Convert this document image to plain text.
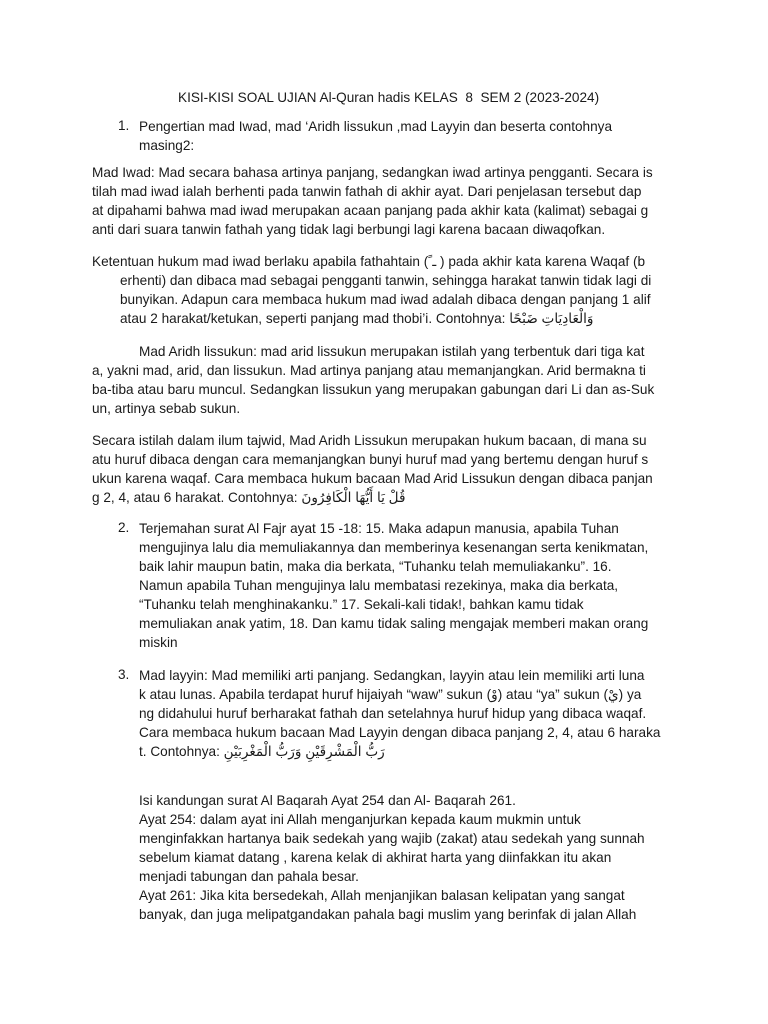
KISI-KISI SOAL UJIAN Al-Quran hadis KELAS  8  SEM 2 (2023-2024)
1. Pengertian mad Iwad, mad ‘Aridh lissukun ,mad Layyin dan beserta contohnya
masing2:
Mad Iwad: Mad secara bahasa artinya panjang, sedangkan iwad artinya pengganti. Secara is
tilah mad iwad ialah berhenti pada tanwin fathah di akhir ayat. Dari penjelasan tersebut dap
at dipahami bahwa mad iwad merupakan acaan panjang pada akhir kata (kalimat) sebagai g
anti dari suara tanwin fathah yang tidak lagi berbungi lagi karena bacaan diwaqofkan.
Ketentuan hukum mad iwad berlaku apabila fathahtain ( ًـ ) pada akhir kata karena Waqaf (b
erhenti) dan dibaca mad sebagai pengganti tanwin, sehingga harakat tanwin tidak lagi di
bunyikan. Adapun cara membaca hukum mad iwad adalah dibaca dengan panjang 1 alif
atau 2 harakat/ketukan, seperti panjang mad thobi’i. Contohnya: وَالْعَادِيَاتِ ضَبْحًا
Mad Aridh lissukun: mad arid lissukun merupakan istilah yang terbentuk dari tiga kat
a, yakni mad, arid, dan lissukun. Mad artinya panjang atau memanjangkan. Arid bermakna ti
ba-tiba atau baru muncul. Sedangkan lissukun yang merupakan gabungan dari Li dan as-Suk
un, artinya sebab sukun.
Secara istilah dalam ilum tajwid, Mad Aridh Lissukun merupakan hukum bacaan, di mana su
atu huruf dibaca dengan cara memanjangkan bunyi huruf mad yang bertemu dengan huruf s
ukun karena waqaf. Cara membaca hukum bacaan Mad Arid Lissukun dengan dibaca panjan
g 2, 4, atau 6 harakat. Contohnya: قُلْ يَا أَيُّهَا الْكَافِرُونَ
2. Terjemahan surat Al Fajr ayat 15 -18: 15. Maka adapun manusia, apabila Tuhan
mengujinya lalu dia memuliakannya dan memberinya kesenangan serta kenikmatan,
baik lahir maupun batin, maka dia berkata, “Tuhanku telah memuliakanku”. 16.
Namun apabila Tuhan mengujinya lalu membatasi rezekinya, maka dia berkata,
“Tuhanku telah menghinakanku.” 17. Sekali-kali tidak!, bahkan kamu tidak
memuliakan anak yatim, 18. Dan kamu tidak saling mengajak memberi makan orang
miskin
3. Mad layyin: Mad memiliki arti panjang. Sedangkan, layyin atau lein memiliki arti luna
k atau lunas. Apabila terdapat huruf hijaiyah “waw” sukun (وْ) atau “ya” sukun (يْ) ya
ng didahului huruf berharakat fathah dan setelahnya huruf hidup yang dibaca waqaf.
Cara membaca hukum bacaan Mad Layyin dengan dibaca panjang 2, 4, atau 6 haraka
t. Contohnya: رَبُّ الْمَشْرِقَيْنِ وَرَبُّ الْمَغْرِبَيْنِ
Isi kandungan surat Al Baqarah Ayat 254 dan Al- Baqarah 261.
Ayat 254: dalam ayat ini Allah menganjurkan kepada kaum mukmin untuk
menginfakkan hartanya baik sedekah yang wajib (zakat) atau sedekah yang sunnah
sebelum kiamat datang , karena kelak di akhirat harta yang diinfakkan itu akan
menjadi tabungan dan pahala besar.
Ayat 261: Jika kita bersedekah, Allah menjanjikan balasan kelipatan yang sangat
banyak, dan juga melipatgandakan pahala bagi muslim yang berinfak di jalan Allah
